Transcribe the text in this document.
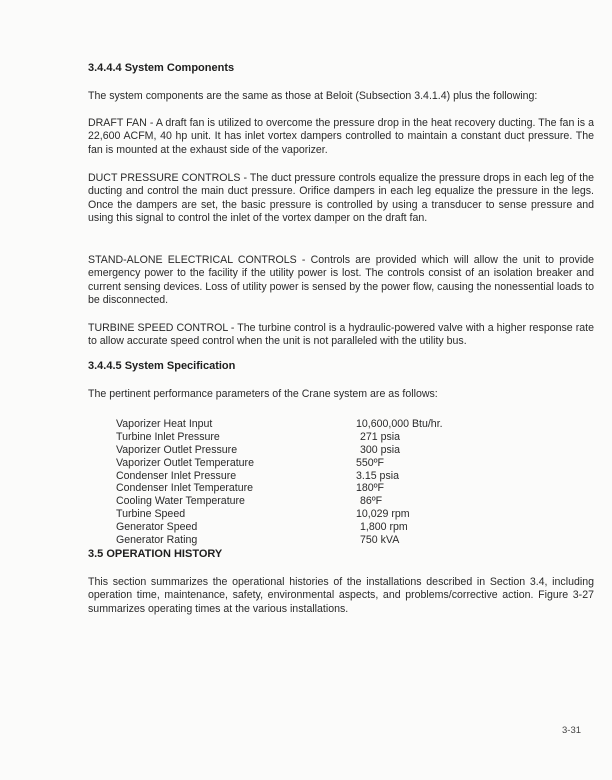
3.4.4.4 System Components
The system components are the same as those at Beloit (Subsection 3.4.1.4) plus the following:
DRAFT FAN - A draft fan is utilized to overcome the pressure drop in the heat recovery ducting. The fan is a 22,600 ACFM, 40 hp unit. It has inlet vortex dampers controlled to maintain a constant duct pressure. The fan is mounted at the exhaust side of the vaporizer.
DUCT PRESSURE CONTROLS - The duct pressure controls equalize the pressure drops in each leg of the ducting and control the main duct pressure. Orifice dampers in each leg equalize the pressure in the legs. Once the dampers are set, the basic pressure is controlled by using a transducer to sense pressure and using this signal to control the inlet of the vortex damper on the draft fan.
STAND-ALONE ELECTRICAL CONTROLS - Controls are provided which will allow the unit to provide emergency power to the facility if the utility power is lost. The controls consist of an isolation breaker and current sensing devices. Loss of utility power is sensed by the power flow, causing the nonessential loads to be disconnected.
TURBINE SPEED CONTROL - The turbine control is a hydraulic-powered valve with a higher response rate to allow accurate speed control when the unit is not paralleled with the utility bus.
3.4.4.5 System Specification
The pertinent performance parameters of the Crane system are as follows:
Vaporizer Heat Input	10,600,000 Btu/hr.
Turbine Inlet Pressure	271 psia
Vaporizer Outlet Pressure	300 psia
Vaporizer Outlet Temperature	550ºF
Condenser Inlet Pressure	3.15 psia
Condenser Inlet Temperature	180ºF
Cooling Water Temperature	86ºF
Turbine Speed	10,029 rpm
Generator Speed	1,800 rpm
Generator Rating	750 kVA
3.5 OPERATION HISTORY
This section summarizes the operational histories of the installations described in Section 3.4, including operation time, maintenance, safety, environmental aspects, and problems/corrective action. Figure 3-27 summarizes operating times at the various installations.
3-31
